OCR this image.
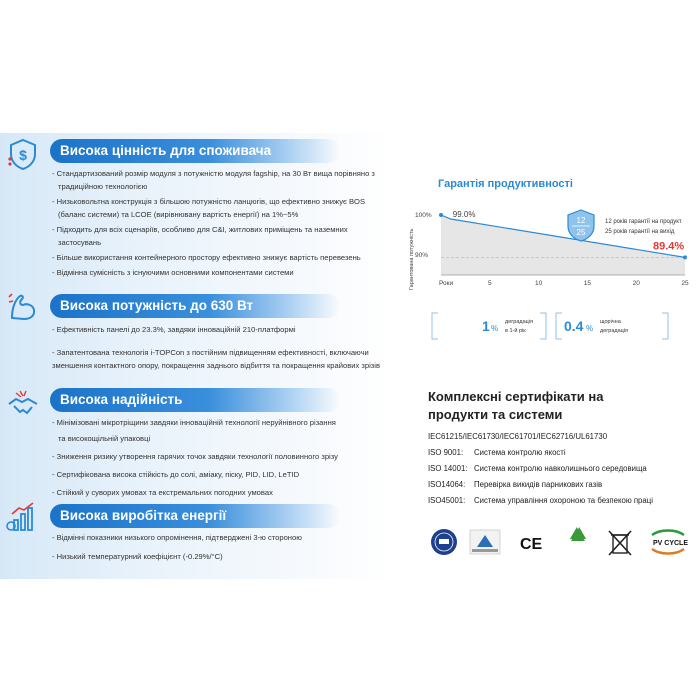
$	Висока цінність для споживача
- Стандартизований розмір модуля з потужністю модуля fagship, на 30 Вт вища порівняно з
традиційною технологією
- Низьковольтна конструкція з більшою потужністю ланцюгів, що ефективно знижує BOS
(баланс системи) та LCOE (вирівнювану вартість енергії) на 1%~5%
- Підходить для всіх сценаріїв, особливо для C&I, житлових приміщень та наземних
застосувань
- Більше використання контейнерного простору ефективно знижує вартість перевезень
- Відмінна сумісність з існуючими основними компонентами системи
Висока потужність до 630 Вт
- Ефективність панелі до 23.3%, завдяки інноваційній 210-платформі
- Запатентована технологія i-TOPCon з постійним підвищенням ефективності, включаючи
зменшення контактного опору, покращення заднього відбиття та покращення крайових зрізів
Висока надійність
- Мінімізовані мікротріщини завдяки інноваційній технології неруйнівного різання
та високощільній упаковці
- Зниження ризику утворення гарячих точок завдяки технології половинного зрізу
- Сертифікована висока стійкість до солі, аміаку, піску, PID, LID, LeTID
- Стійкий у суворих умовах та екстремальних погодних умовах
Висока виробітка енергії
- Відмінні показники низького опромінення, підтверджені 3-ю стороною
- Низький температурний коефіцієнт (-0.29%/°C)
Гарантія продуктивності
Гарантована потужність
100%
90%
Роки	5	10	15	20	25
99.0%
89.4%
12
25
12 років гарантії на продукт
25 років гарантії на вихід
1 %
деградація
в 1-й рік	0.4 %
щорічна
деградація
Комплексні сертифікати на
продукти та системи
IEC61215/IEC61730/IEC61701/IEC62716/UL61730
ISO 9001: Система контролю якості
ISO 14001: Система контролю навколишнього середовища
ISO14064: Перевірка викидів парникових газів
ISO45001: Система управління охороною та безпекою праці
CE	PV CYCLE
